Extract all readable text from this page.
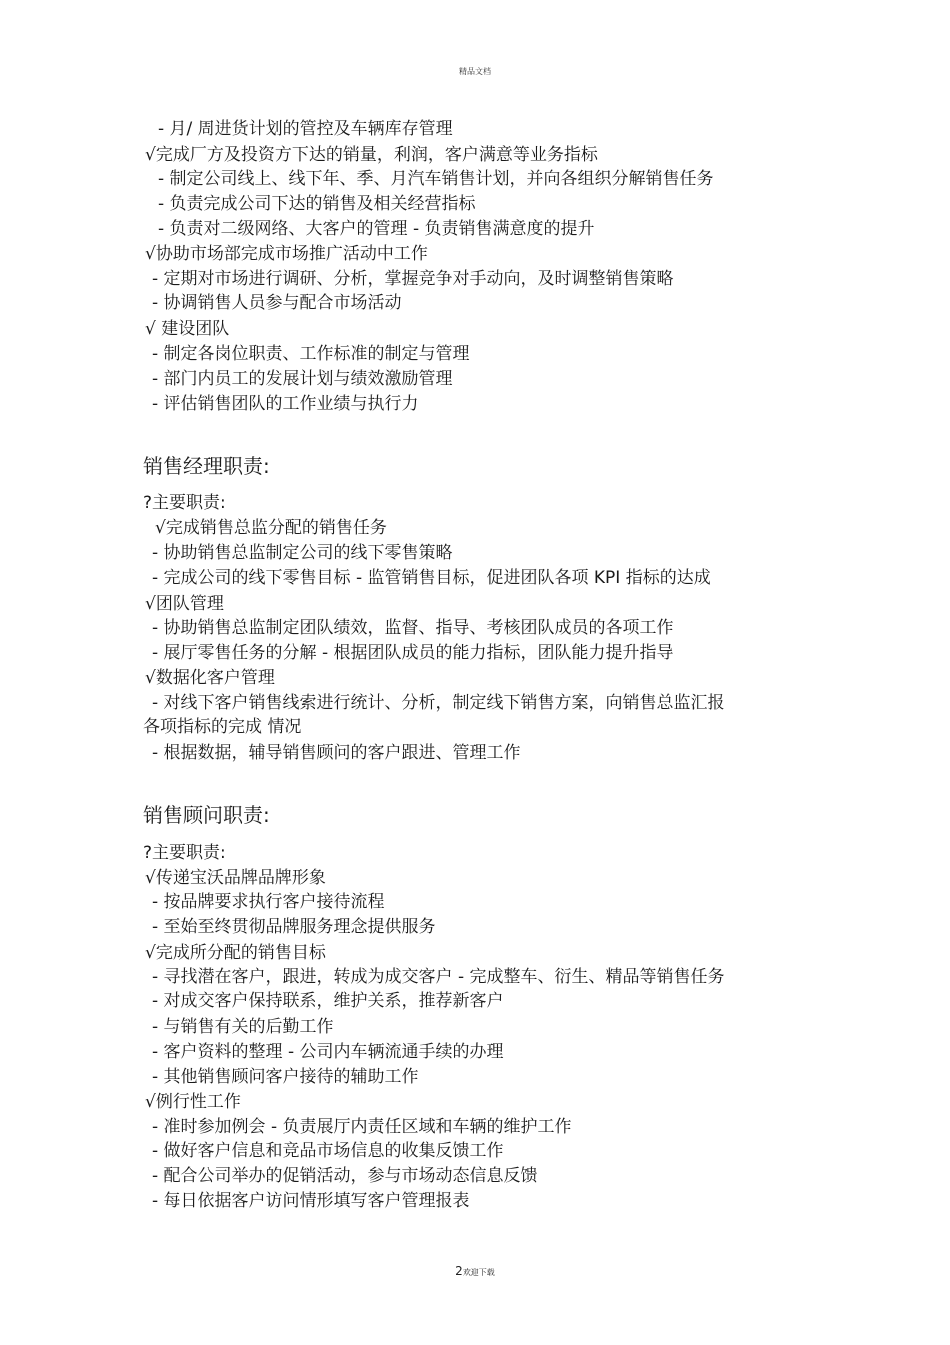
精品文档
- 月/ 周进货计划的管控及车辆库存管理
√完成厂方及投资方下达的销量，利润，客户满意等业务指标
- 制定公司线上、线下年、季、月汽车销售计划，并向各组织分解销售任务
- 负责完成公司下达的销售及相关经营指标
- 负责对二级网络、大客户的管理 - 负责销售满意度的提升
√协助市场部完成市场推广活动中工作
- 定期对市场进行调研、分析，掌握竞争对手动向，及时调整销售策略
- 协调销售人员参与配合市场活动
√ 建设团队
- 制定各岗位职责、工作标准的制定与管理
- 部门内员工的发展计划与绩效激励管理
- 评估销售团队的工作业绩与执行力
销售经理职责:
?主要职责:
√完成销售总监分配的销售任务
- 协助销售总监制定公司的线下零售策略
- 完成公司的线下零售目标 - 监管销售目标，促进团队各项 KPI 指标的达成
√团队管理
- 协助销售总监制定团队绩效，监督、指导、考核团队成员的各项工作
- 展厅零售任务的分解 - 根据团队成员的能力指标，团队能力提升指导
√数据化客户管理
- 对线下客户销售线索进行统计、分析，制定线下销售方案，向销售总监汇报
各项指标的完成 情况
- 根据数据，辅导销售顾问的客户跟进、管理工作
销售顾问职责:
?主要职责:
√传递宝沃品牌品牌形象
- 按品牌要求执行客户接待流程
- 至始至终贯彻品牌服务理念提供服务
√完成所分配的销售目标
- 寻找潜在客户，跟进，转成为成交客户 - 完成整车、衍生、精品等销售任务
- 对成交客户保持联系，维护关系，推荐新客户
- 与销售有关的后勤工作
- 客户资料的整理 - 公司内车辆流通手续的办理
- 其他销售顾问客户接待的辅助工作
√例行性工作
- 准时参加例会 - 负责展厅内责任区域和车辆的维护工作
- 做好客户信息和竞品市场信息的收集反馈工作
- 配合公司举办的促销活动，参与市场动态信息反馈
- 每日依据客户访问情形填写客户管理报表
2欢迎下载
